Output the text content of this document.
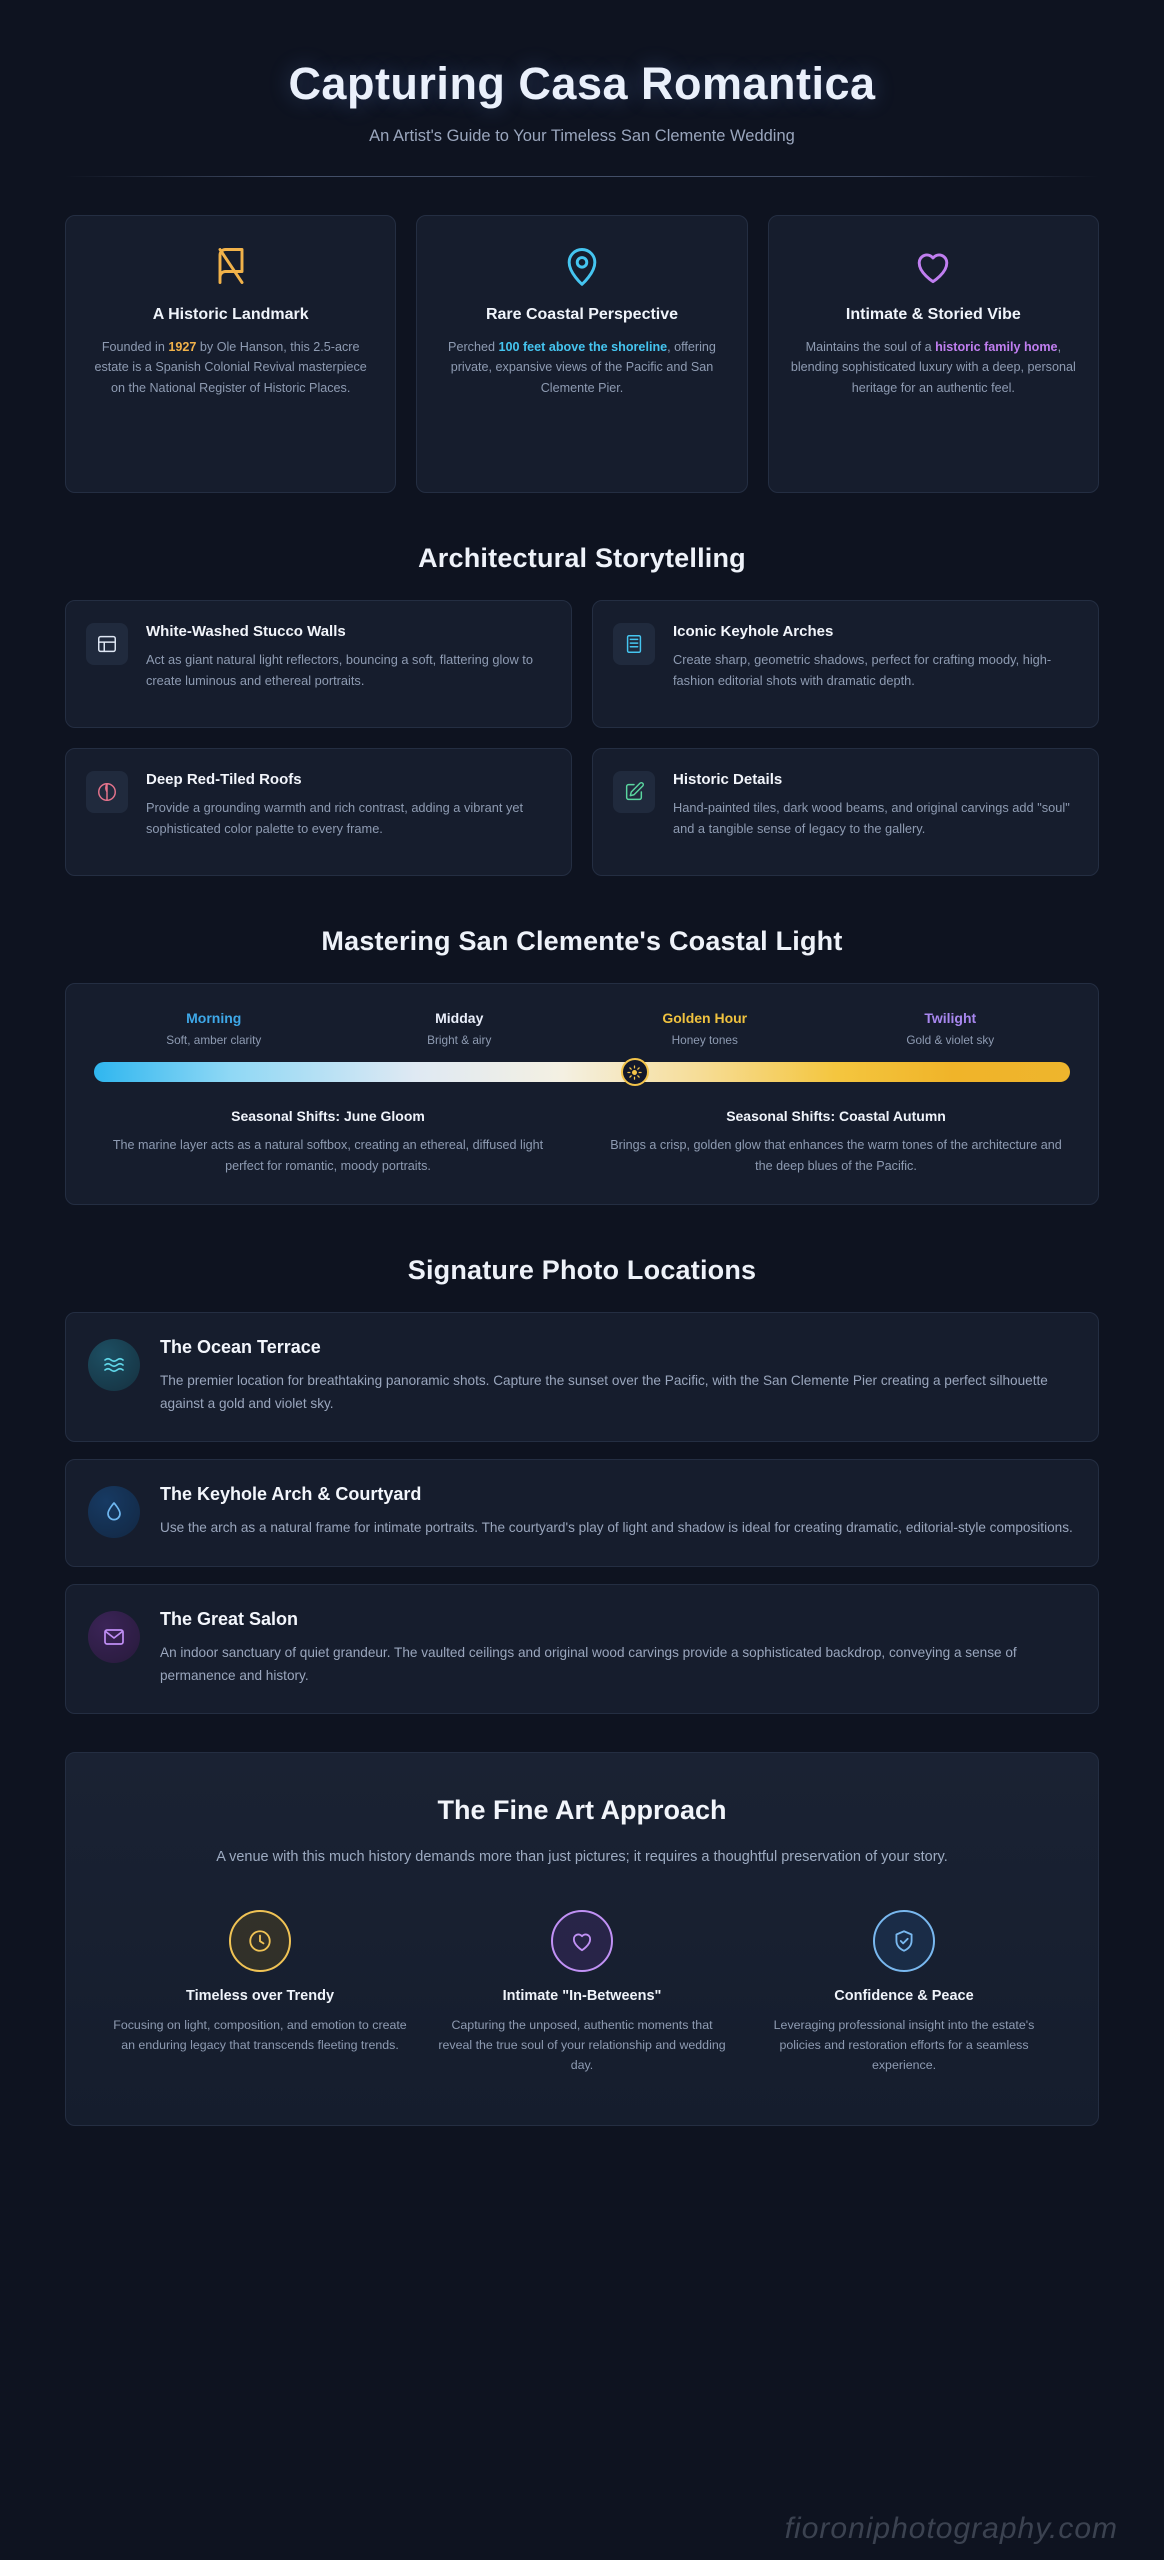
Capturing Casa Romantica
An Artist's Guide to Your Timeless San Clemente Wedding
A Historic Landmark

Founded in 1927 by Ole Hanson, this 2.5-acre estate is a Spanish Colonial Revival masterpiece on the National Register of Historic Places.

Rare Coastal Perspective

Perched 100 feet above the shoreline, offering private, expansive views of the Pacific and San Clemente Pier.

Intimate & Storied Vibe

Maintains the soul of a historic family home, blending sophisticated luxury with a deep, personal heritage for an authentic feel.

Architectural Storytelling
White-Washed Stucco Walls

Act as giant natural light reflectors, bouncing a soft, flattering glow to create luminous and ethereal portraits.

Iconic Keyhole Arches

Create sharp, geometric shadows, perfect for crafting moody, high-fashion editorial shots with dramatic depth.

Deep Red-Tiled Roofs

Provide a grounding warmth and rich contrast, adding a vibrant yet sophisticated color palette to every frame.

Historic Details

Hand-painted tiles, dark wood beams, and original carvings add "soul" and a tangible sense of legacy to the gallery.

Mastering San Clemente's Coastal Light
Morning
Soft, amber clarity
Midday
Bright & airy
Golden Hour
Honey tones
Twilight
Gold & violet sky
Seasonal Shifts: June Gloom

The marine layer acts as a natural softbox, creating an ethereal, diffused light perfect for romantic, moody portraits.

Seasonal Shifts: Coastal Autumn

Brings a crisp, golden glow that enhances the warm tones of the architecture and the deep blues of the Pacific.

Signature Photo Locations
The Ocean Terrace

The premier location for breathtaking panoramic shots. Capture the sunset over the Pacific, with the San Clemente Pier creating a perfect silhouette against a gold and violet sky.

The Keyhole Arch & Courtyard

Use the arch as a natural frame for intimate portraits. The courtyard's play of light and shadow is ideal for creating dramatic, editorial-style compositions.

The Great Salon

An indoor sanctuary of quiet grandeur. The vaulted ceilings and original wood carvings provide a sophisticated backdrop, conveying a sense of permanence and history.

The Fine Art Approach

A venue with this much history demands more than just pictures; it requires a thoughtful preservation of your story.

Timeless over Trendy

Focusing on light, composition, and emotion to create an enduring legacy that transcends fleeting trends.

Intimate "In-Betweens"

Capturing the unposed, authentic moments that reveal the true soul of your relationship and wedding day.

Confidence & Peace

Leveraging professional insight into the estate's policies and restoration efforts for a seamless experience.

fioroniphotography.com
